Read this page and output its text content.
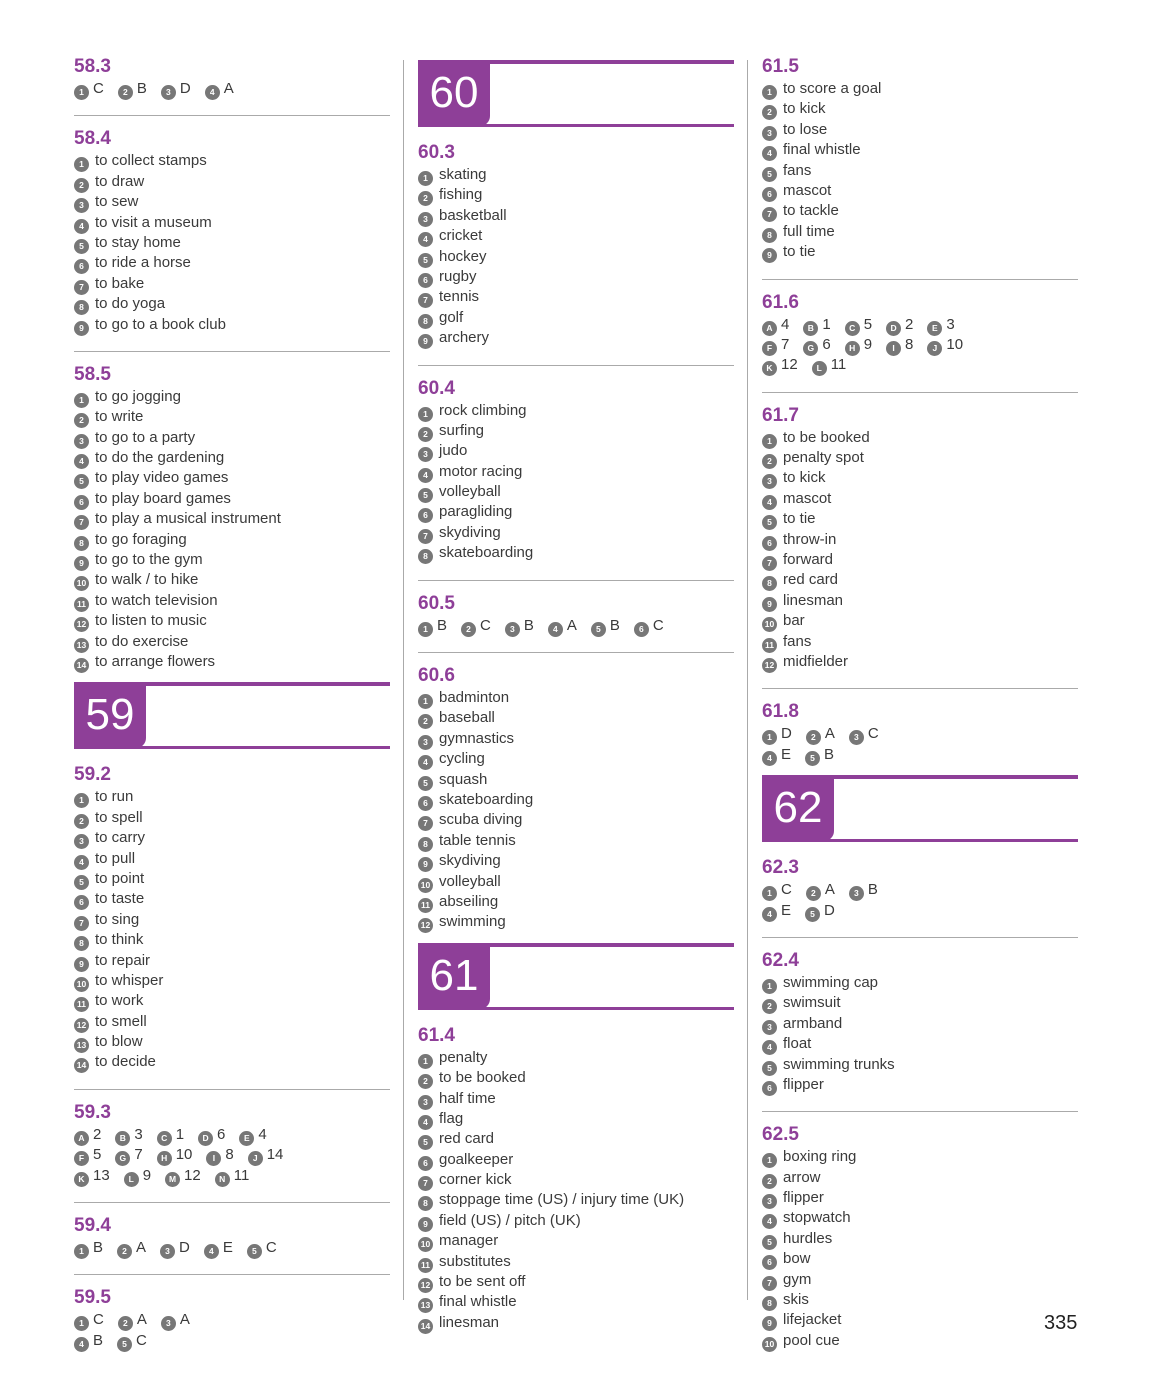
58.3
1 C 2 B 3 D 4 A
58.4
1 to collect stamps
2 to draw
3 to sew
4 to visit a museum
5 to stay home
6 to ride a horse
7 to bake
8 to do yoga
9 to go to a book club
58.5
1 to go jogging
2 to write
3 to go to a party
4 to do the gardening
5 to play video games
6 to play board games
7 to play a musical instrument
8 to go foraging
9 to go to the gym
10 to walk / to hike
11 to watch television
12 to listen to music
13 to do exercise
14 to arrange flowers
59
59.2
1 to run
2 to spell
3 to carry
4 to pull
5 to point
6 to taste
7 to sing
8 to think
9 to repair
10 to whisper
11 to work
12 to smell
13 to blow
14 to decide
59.3
A 2 B 3 C 1 D 6 E 4
F 5 G 7 H 10 I 8 J 14
K 13 L 9 M 12 N 11
59.4
1 B 2 A 3 D 4 E 5 C
59.5
1 C 2 A 3 A
4 B 5 C
60
60.3
1 skating
2 fishing
3 basketball
4 cricket
5 hockey
6 rugby
7 tennis
8 golf
9 archery
60.4
1 rock climbing
2 surfing
3 judo
4 motor racing
5 volleyball
6 paragliding
7 skydiving
8 skateboarding
60.5
1 B 2 C 3 B 4 A 5 B 6 C
60.6
1 badminton
2 baseball
3 gymnastics
4 cycling
5 squash
6 skateboarding
7 scuba diving
8 table tennis
9 skydiving
10 volleyball
11 abseiling
12 swimming
61
61.4
1 penalty
2 to be booked
3 half time
4 flag
5 red card
6 goalkeeper
7 corner kick
8 stoppage time (US) / injury time (UK)
9 field (US) / pitch (UK)
10 manager
11 substitutes
12 to be sent off
13 final whistle
14 linesman
61.5
1 to score a goal
2 to kick
3 to lose
4 final whistle
5 fans
6 mascot
7 to tackle
8 full time
9 to tie
61.6
A 4 B 1 C 5 D 2 E 3
F 7 G 6 H 9 I 8 J 10
K 12 L 11
61.7
1 to be booked
2 penalty spot
3 to kick
4 mascot
5 to tie
6 throw-in
7 forward
8 red card
9 linesman
10 bar
11 fans
12 midfielder
61.8
1 D 2 A 3 C
4 E 5 B
62
62.3
1 C 2 A 3 B
4 E 5 D
62.4
1 swimming cap
2 swimsuit
3 armband
4 float
5 swimming trunks
6 flipper
62.5
1 boxing ring
2 arrow
3 flipper
4 stopwatch
5 hurdles
6 bow
7 gym
8 skis
9 lifejacket
10 pool cue
335
